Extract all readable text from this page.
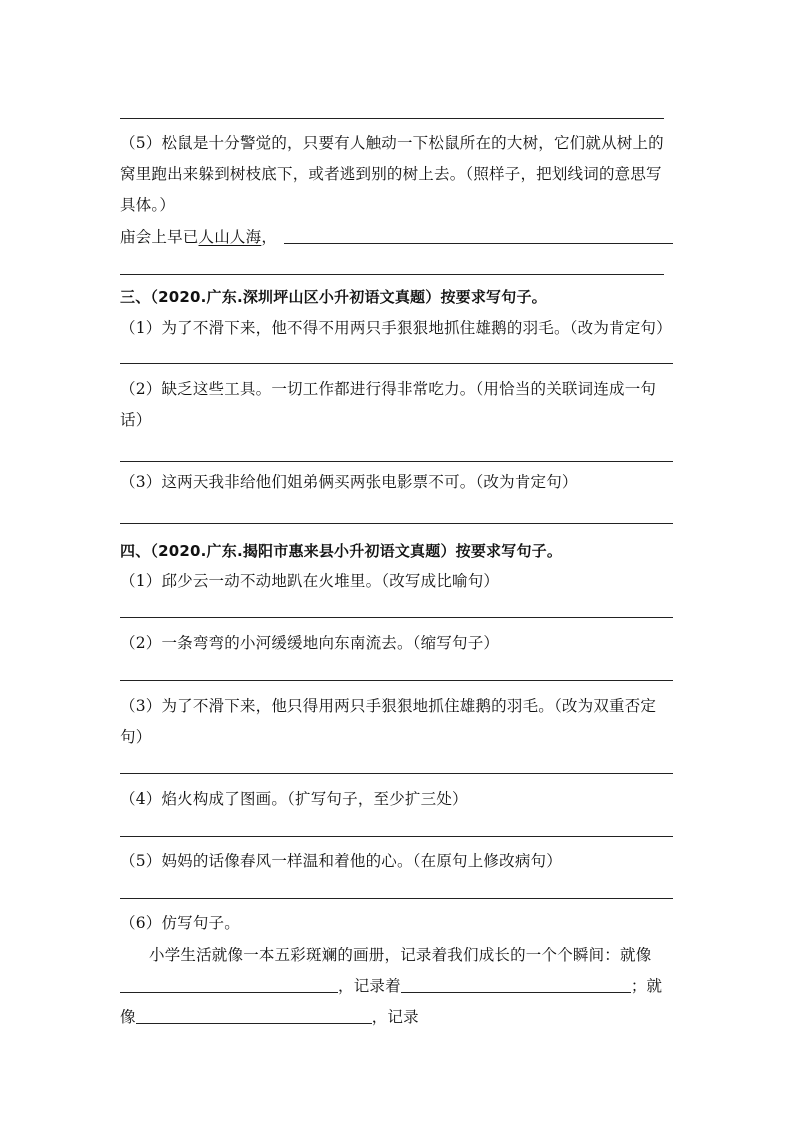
（5）松鼠是十分警觉的，只要有人触动一下松鼠所在的大树，它们就从树上的
窝里跑出来躲到树枝底下，或者逃到别的树上去。（照样子，把划线词的意思写
具体。）
庙会上早已人山人海，
三、（2020.广东.深圳坪山区小升初语文真题）按要求写句子。
（1）为了不滑下来，他不得不用两只手狠狠地抓住雄鹅的羽毛。（改为肯定句）
（2）缺乏这些工具。一切工作都进行得非常吃力。（用恰当的关联词连成一句
话）
（3）这两天我非给他们姐弟俩买两张电影票不可。（改为肯定句）
四、（2020.广东.揭阳市惠来县小升初语文真题）按要求写句子。
（1）邱少云一动不动地趴在火堆里。（改写成比喻句）
（2）一条弯弯的小河缓缓地向东南流去。（缩写句子）
（3）为了不滑下来，他只得用两只手狠狠地抓住雄鹅的羽毛。（改为双重否定
句）
（4）焰火构成了图画。（扩写句子，至少扩三处）
（5）妈妈的话像春风一样温和着他的心。（在原句上修改病句）
（6）仿写句子。
小学生活就像一本五彩斑斓的画册，记录着我们成长的一个个瞬间：就像
，记录着	；就
像	，记录
